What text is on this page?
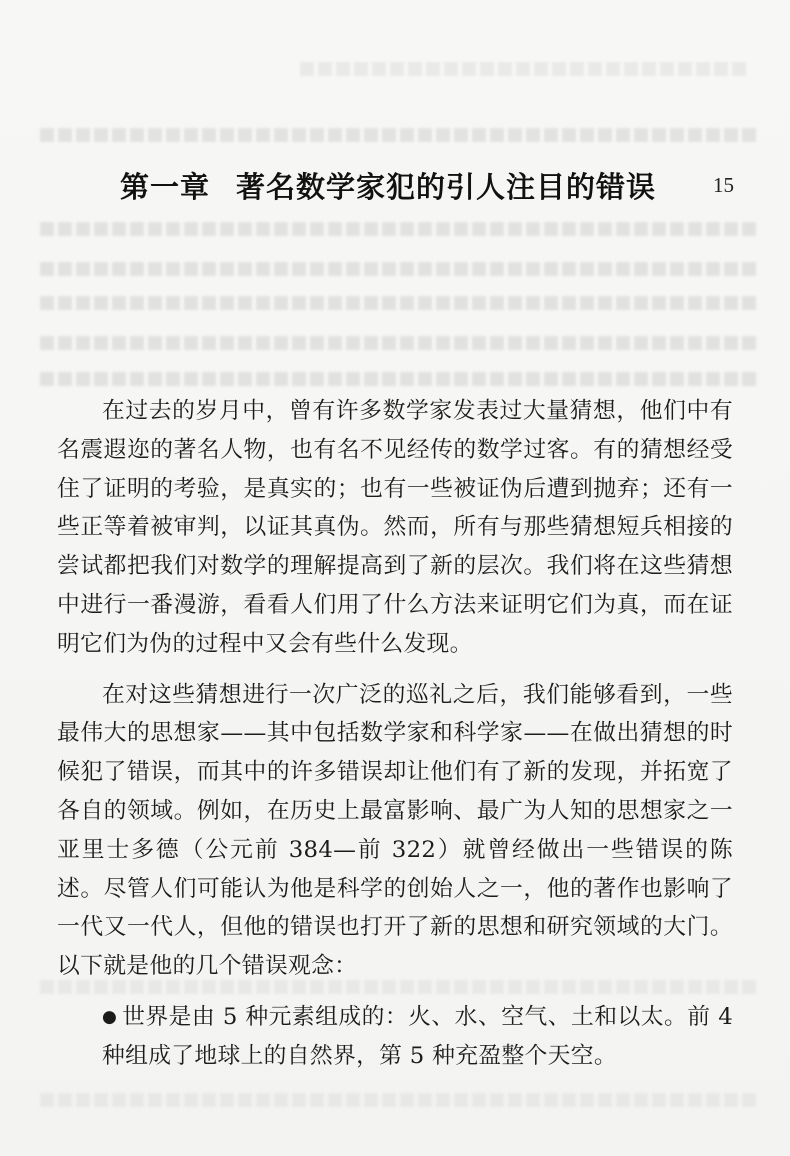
第一章 著名数学家犯的引人注目的错误	15

在过去的岁月中，曾有许多数学家发表过大量猜想，他们中有名震遐迩的著名人物，也有名不见经传的数学过客。有的猜想经受住了证明的考验，是真实的；也有一些被证伪后遭到抛弃；还有一些正等着被审判，以证其真伪。然而，所有与那些猜想短兵相接的尝试都把我们对数学的理解提高到了新的层次。我们将在这些猜想中进行一番漫游，看看人们用了什么方法来证明它们为真，而在证明它们为伪的过程中又会有些什么发现。

在对这些猜想进行一次广泛的巡礼之后，我们能够看到，一些最伟大的思想家——其中包括数学家和科学家——在做出猜想的时候犯了错误，而其中的许多错误却让他们有了新的发现，并拓宽了各自的领域。例如，在历史上最富影响、最广为人知的思想家之一亚里士多德（公元前 384—前 322）就曾经做出一些错误的陈述。尽管人们可能认为他是科学的创始人之一，他的著作也影响了一代又一代人，但他的错误也打开了新的思想和研究领域的大门。以下就是他的几个错误观念：

● 世界是由 5 种元素组成的：火、水、空气、土和以太。前 4 种组成了地球上的自然界，第 5 种充盈整个天空。
